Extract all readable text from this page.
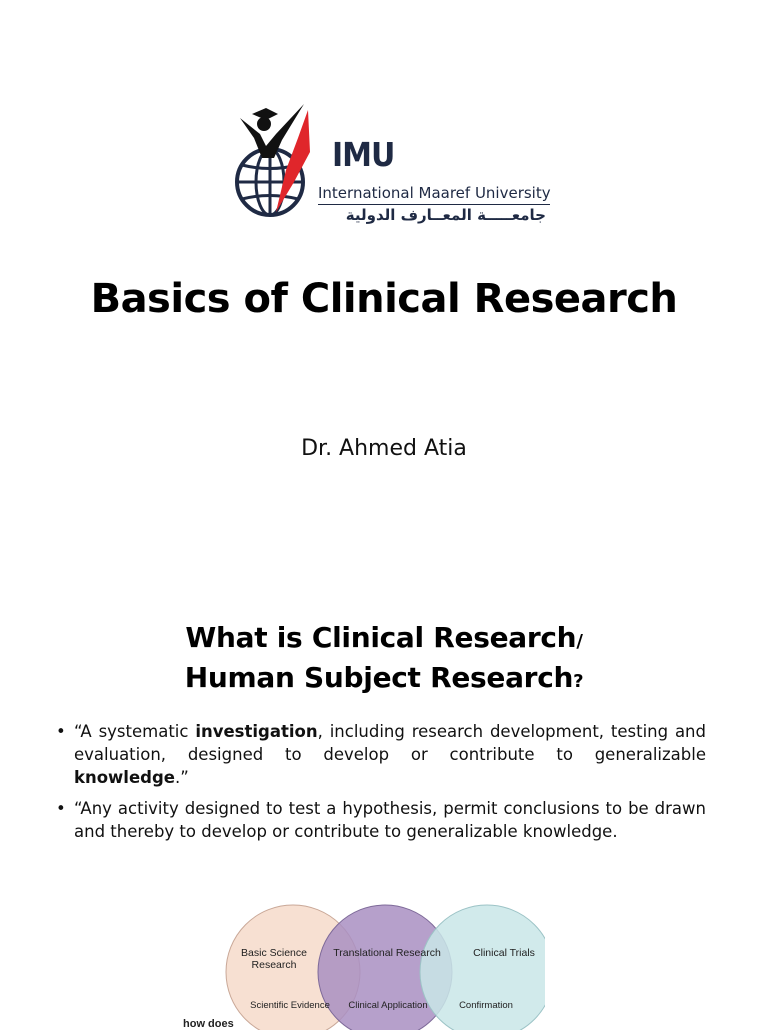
IMU
International Maaref University
جامعـــــة المعــارف الدولية
Basics of Clinical Research
Dr. Ahmed Atia
What is Clinical Research/
Human Subject Research?
• “A systematic investigation, including research development, testing and evaluation, designed to develop or contribute to generalizable knowledge.”
• “Any activity designed to test a hypothesis, permit conclusions to be drawn and thereby to develop or contribute to generalizable knowledge.
Basic Science
Research
Translational Research	Clinical Trials
Scientific Evidence	Clinical Application	Confirmation
how does
